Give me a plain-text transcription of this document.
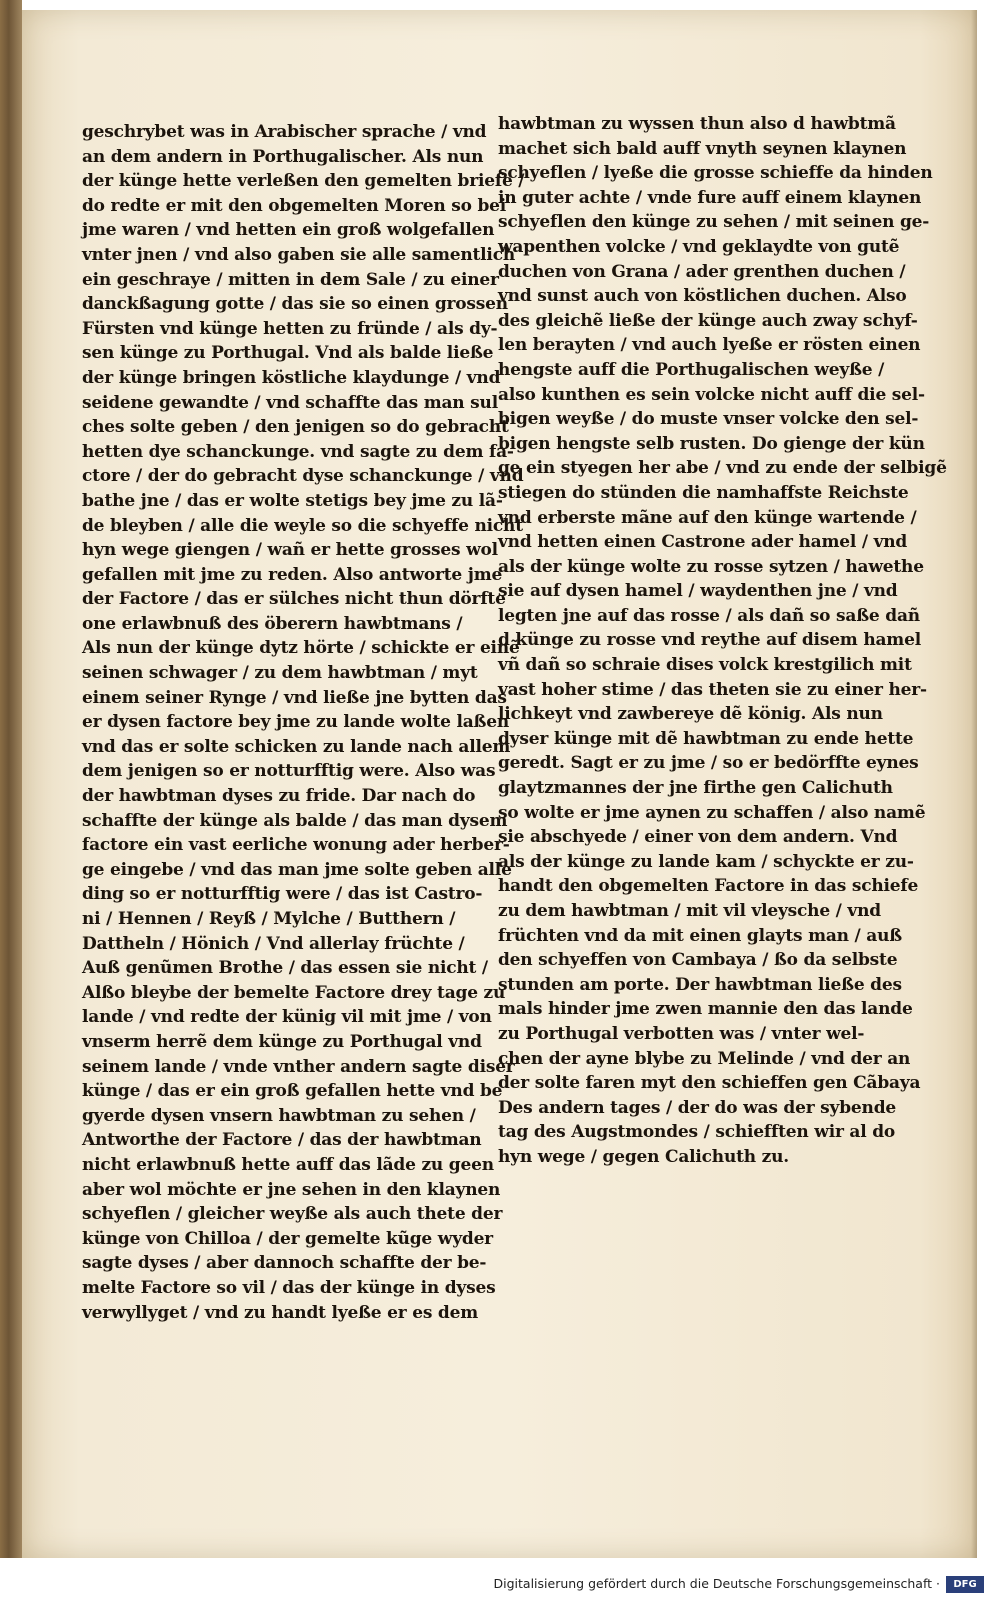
geschrybet was in Arabischer sprache / vnd
an dem andern in Porthugalischer. Als nun
der künge hette verleßen den gemelten briefe /
do redte er mit den obgemelten Moren so bei
jme waren / vnd hetten ein groß wolgefallen
vnter jnen / vnd also gaben sie alle samentlich
ein geschraye / mitten in dem Sale / zu einer
danckßagung gotte / das sie so einen grossen
Fürsten vnd künge hetten zu fründe / als dy-
sen künge zu Porthugal. Vnd als balde ließe
der künge bringen köstliche klaydunge / vnd
seidene gewandte / vnd schaffte das man sul
ches solte geben / den jenigen so do gebracht
hetten dye schanckunge. vnd sagte zu dem fa-
ctore / der do gebracht dyse schanckunge / vnd
bathe jne / das er wolte stetigs bey jme zu lã-
de bleyben / alle die weyle so die schyeffe nicht
hyn wege giengen / wañ er hette grosses wol
gefallen mit jme zu reden. Also antworte jme
der Factore / das er sülches nicht thun dörfte
one erlawbnuß des öberern hawbtmans /
Als nun der künge dytz hörte / schickte er einẽ
seinen schwager / zu dem hawbtman / myt
einem seiner Rynge / vnd ließe jne bytten das
er dysen factore bey jme zu lande wolte laßen
vnd das er solte schicken zu lande nach allem
dem jenigen so er notturfftig were. Also was
der hawbtman dyses zu fride. Dar nach do
schaffte der künge als balde / das man dysem
factore ein vast eerliche wonung ader herber-
ge eingebe / vnd das man jme solte geben alle
ding so er notturfftig were / das ist Castro-
ni / Hennen / Reyß / Mylche / Butthern /
Dattheln / Hönich / Vnd allerlay früchte /
Auß genũmen Brothe / das essen sie nicht /
Alßo bleybe der bemelte Factore drey tage zu
lande / vnd redte der künig vil mit jme / von
vnserm herrẽ dem künge zu Porthugal vnd
seinem lande / vnde vnther andern sagte diser
künge / das er ein groß gefallen hette vnd be
gyerde dysen vnsern hawbtman zu sehen /
Antworthe der Factore / das der hawbtman
nicht erlawbnuß hette auff das lãde zu geen
aber wol möchte er jne sehen in den klaynen
schyeflen / gleicher weyße als auch thete der
künge von Chilloa / der gemelte kũge wyder
sagte dyses / aber dannoch schaffte der be-
melte Factore so vil / das der künge in dyses
verwyllyget / vnd zu handt lyeße er es dem
hawbtman zu wyssen thun also d hawbtmã
machet sich bald auff vnyth seynen klaynen
schyeflen / lyeße die grosse schieffe da hinden
in guter achte / vnde fure auff einem klaynen
schyeflen den künge zu sehen / mit seinen ge-
wapenthen volcke / vnd geklaydte von gutẽ
duchen von Grana / ader grenthen duchen /
vnd sunst auch von köstlichen duchen. Also
des gleichẽ ließe der künge auch zway schyf-
len berayten / vnd auch lyeße er rösten einen
hengste auff die Porthugalischen weyße /
also kunthen es sein volcke nicht auff die sel-
bigen weyße / do muste vnser volcke den sel-
bigen hengste selb rusten. Do gienge der kün
ge ein styegen her abe / vnd zu ende der selbigẽ
stiegen do stünden die namhaffste Reichste
vnd erberste mãne auf den künge wartende /
vnd hetten einen Castrone ader hamel / vnd
als der künge wolte zu rosse sytzen / hawethe
sie auf dysen hamel / waydenthen jne / vnd
legten jne auf das rosse / als dañ so saße dañ
d künge zu rosse vnd reythe auf disem hamel
vñ dañ so schraie dises volck krestgilich mit
vast hoher stime / das theten sie zu einer her-
lichkeyt vnd zawbereye dẽ könig. Als nun
dyser künge mit dẽ hawbtman zu ende hette
geredt. Sagt er zu jme / so er bedörffte eynes
glaytzmannes der jne firthe gen Calichuth
so wolte er jme aynen zu schaffen / also namẽ
sie abschyede / einer von dem andern. Vnd
als der künge zu lande kam / schyckte er zu-
handt den obgemelten Factore in das schiefe
zu dem hawbtman / mit vil vleysche / vnd
früchten vnd da mit einen glayts man / auß
den schyeffen von Cambaya / ßo da selbste
stunden am porte. Der hawbtman ließe des
mals hinder jme zwen mannie den das lande
zu Porthugal verbotten was / vnter wel-
chen der ayne blybe zu Melinde / vnd der an
der solte faren myt den schieffen gen Cãbaya
Des andern tages / der do was der sybende
tag des Augstmondes / schiefften wir al do
hyn wege / gegen Calichuth zu.
Digitalisierung gefördert durch die Deutsche Forschungsgemeinschaft ·	DFG
